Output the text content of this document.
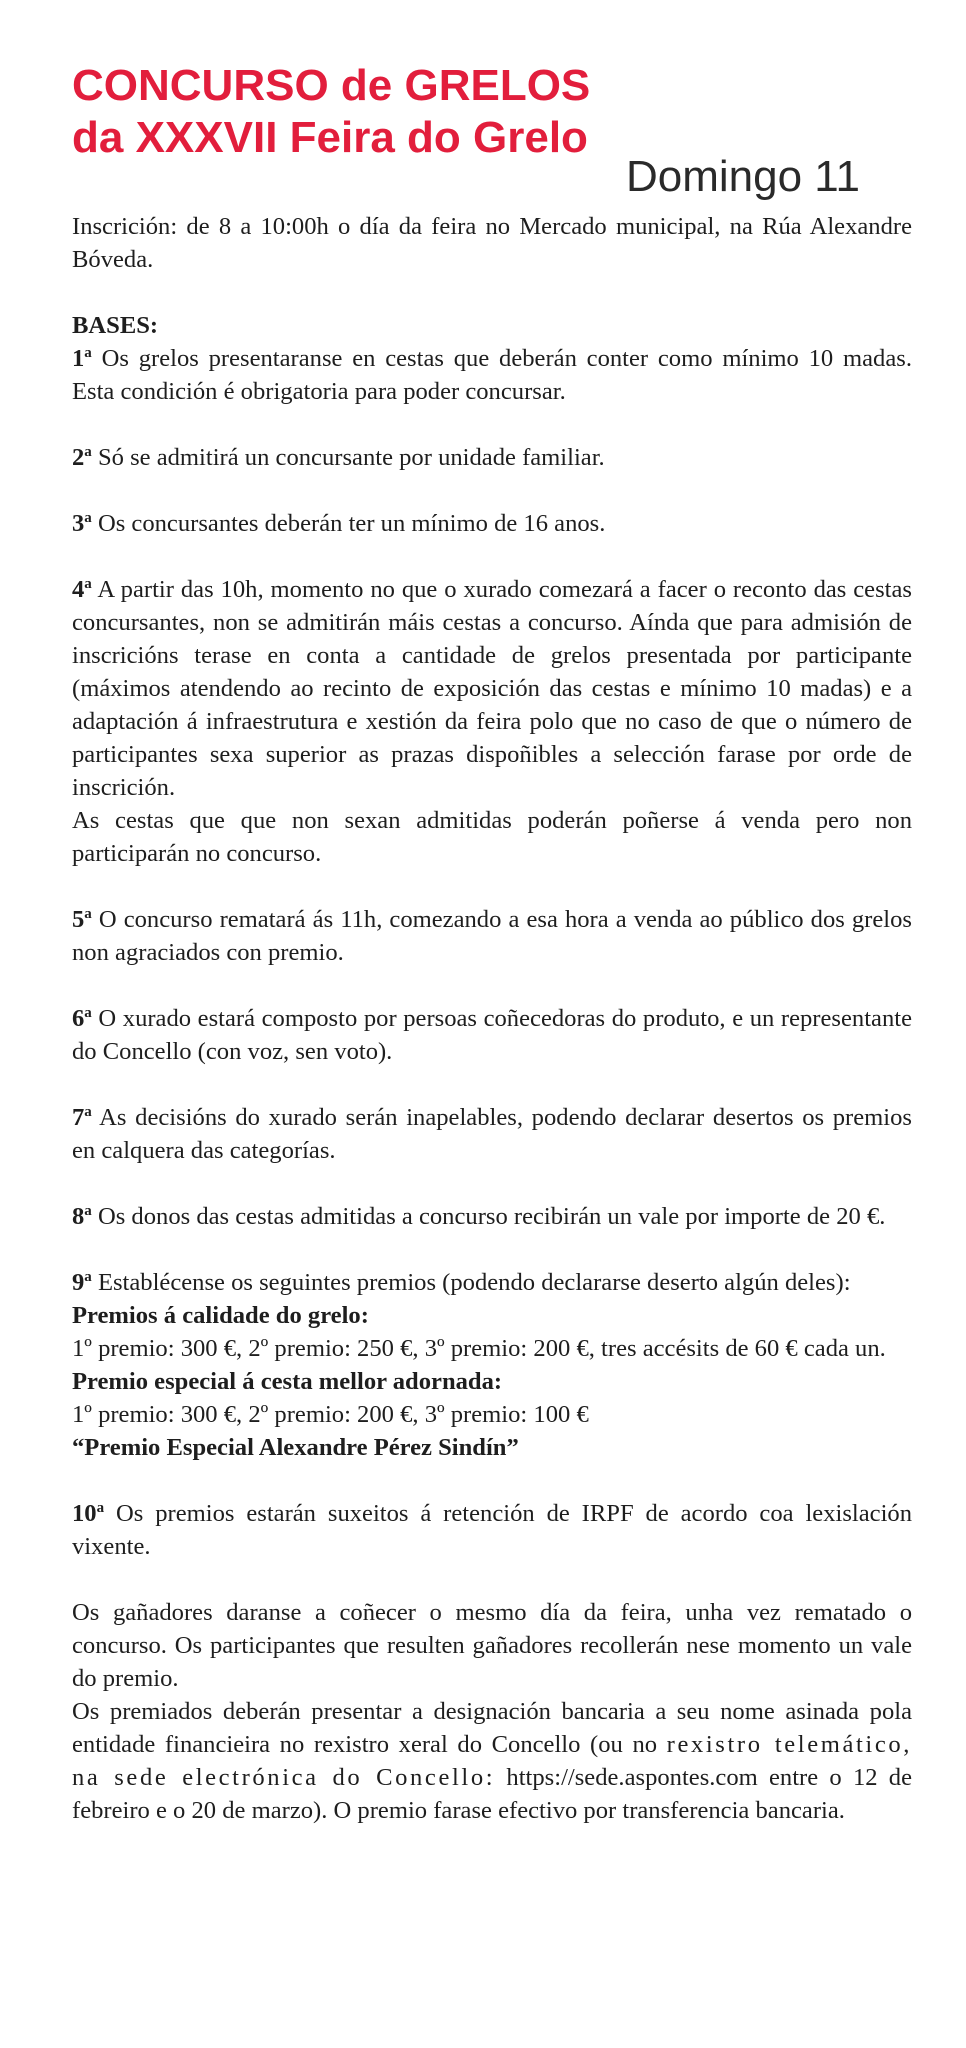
CONCURSO de GRELOS
da XXXVII Feira do Grelo
Domingo 11

Inscrición: de 8 a 10:00h o día da feira no Mercado municipal, na Rúa Alexandre Bóveda.

BASES:

1$^a$ Os grelos presentaranse en cestas que deberán conter como mínimo 10 madas. Esta condición é obrigatoria para poder concursar.

2$^a$ Só se admitirá un concursante por unidade familiar.

3$^a$ Os concursantes deberán ter un mínimo de 16 anos.

4$^a$ A partir das 10h, momento no que o xurado comezará a facer o reconto das cestas concursantes, non se admitirán máis cestas a concurso. Aínda que para admisión de inscricións terase en conta a cantidade de grelos presentada por participante (máximos atendendo ao recinto de exposición das cestas e mínimo 10 madas) e a adaptación á infraestrutura e xestión da feira polo que no caso de que o número de participantes sexa superior as prazas dispoñibles a selección farase por orde de inscrición.

As cestas que que non sexan admitidas poderán poñerse á venda pero non participarán no concurso.

5$^a$ O concurso rematará ás 11h, comezando a esa hora a venda ao público dos grelos non agraciados con premio.

6$^a$ O xurado estará composto por persoas coñecedoras do produto, e un representante do Concello (con voz, sen voto).

7$^a$ As decisións do xurado serán inapelables, podendo declarar desertos os premios en calquera das categorías.

8$^a$ Os donos das cestas admitidas a concurso recibirán un vale por importe de 20 €.

9$^a$ Establécense os seguintes premios (podendo declararse deserto algún deles):

Premios á calidade do grelo:

1º premio: 300 €, 2º premio: 250 €, 3º premio: 200 €, tres accésits de 60 € cada un.

Premio especial á cesta mellor adornada:

1º premio: 300 €, 2º premio: 200 €, 3º premio: 100 €

“Premio Especial Alexandre Pérez Sindín”

10$^a$ Os premios estarán suxeitos á retención de IRPF de acordo coa lexislación vixente.

Os gañadores daranse a coñecer o mesmo día da feira, unha vez rematado o concurso. Os participantes que resulten gañadores recollerán nese momento un vale do premio.

Os premiados deberán presentar a designación bancaria a seu nome asinada pola entidade financieira no rexistro xeral do Concello (ou no rexistro telemático, na sede electrónica do Concello: https://sede.aspontes.com entre o 12 de febreiro e o 20 de marzo). O premio farase efectivo por transferencia bancaria.
